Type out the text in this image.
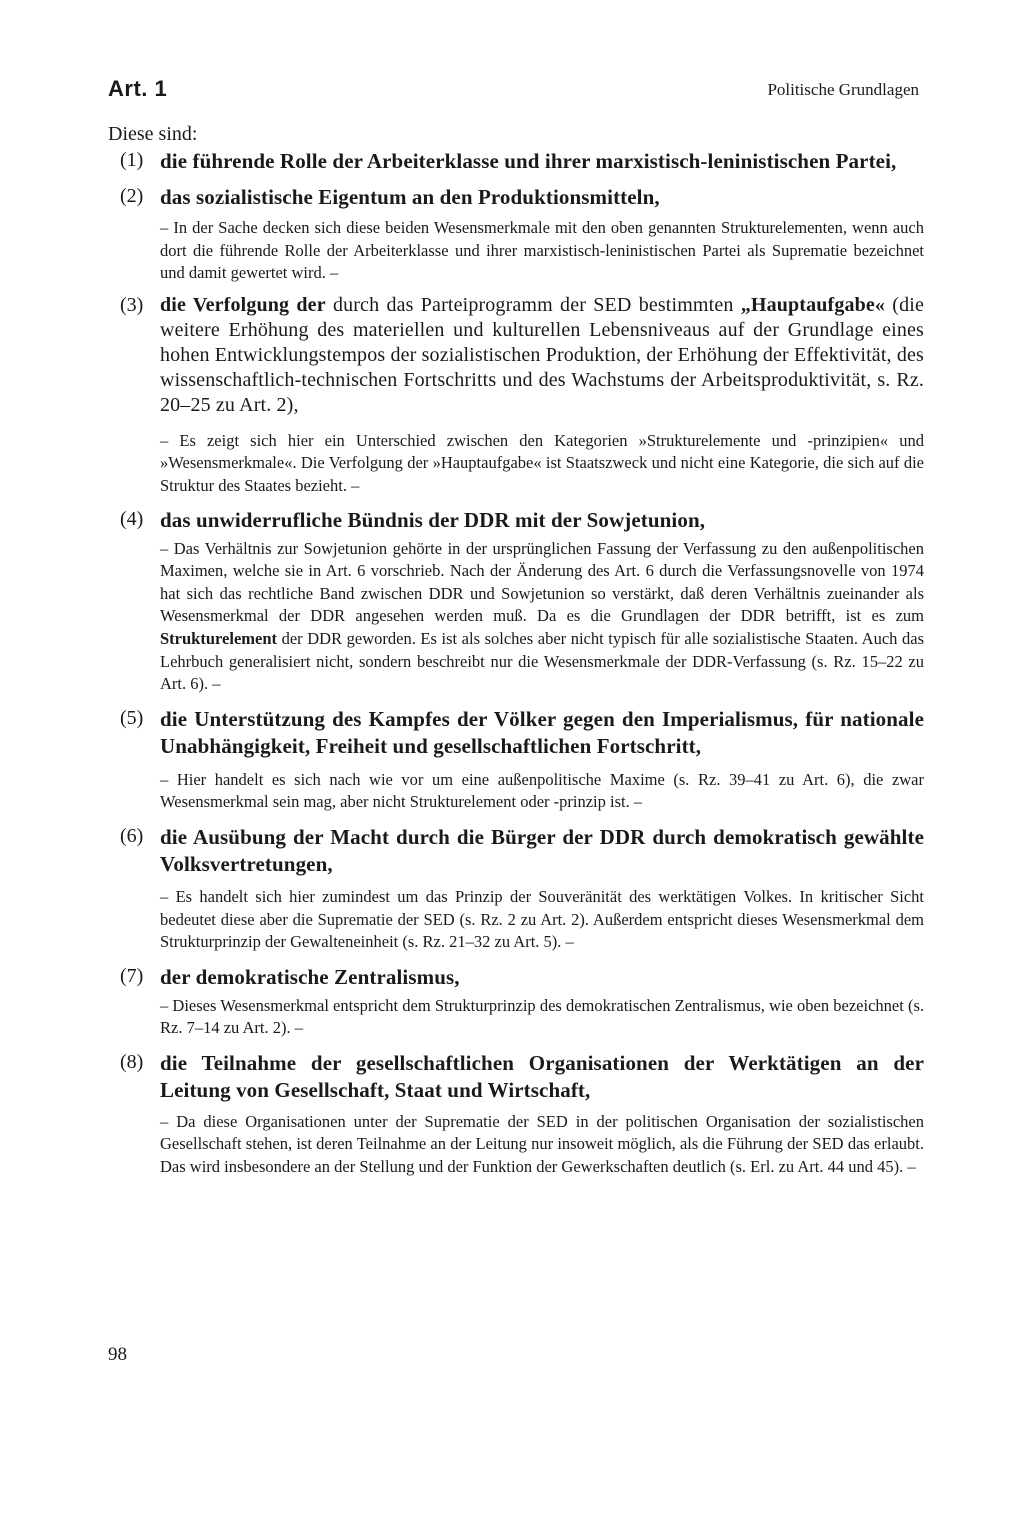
Art. 1	Politische Grundlagen

Diese sind:

(1) die führende Rolle der Arbeiterklasse und ihrer marxistisch-leninistischen Partei,

(2) das sozialistische Eigentum an den Produktionsmitteln,

– In der Sache decken sich diese beiden Wesensmerkmale mit den oben genannten Strukturelementen, wenn auch dort die führende Rolle der Arbeiterklasse und ihrer marxistisch-leninistischen Partei als Suprematie bezeichnet und damit gewertet wird. –

(3) die Verfolgung der durch das Parteiprogramm der SED bestimmten „Hauptaufgabe« (die weitere Erhöhung des materiellen und kulturellen Lebensniveaus auf der Grundlage eines hohen Entwicklungstempos der sozialistischen Produktion, der Erhöhung der Effektivität, des wissenschaftlich-technischen Fortschritts und des Wachstums der Arbeitsproduktivität, s. Rz. 20–25 zu Art. 2),

– Es zeigt sich hier ein Unterschied zwischen den Kategorien »Strukturelemente und -prinzipien« und »Wesensmerkmale«. Die Verfolgung der »Hauptaufgabe« ist Staatszweck und nicht eine Kategorie, die sich auf die Struktur des Staates bezieht. –

(4) das unwiderrufliche Bündnis der DDR mit der Sowjetunion,

– Das Verhältnis zur Sowjetunion gehörte in der ursprünglichen Fassung der Verfassung zu den außenpolitischen Maximen, welche sie in Art. 6 vorschrieb. Nach der Änderung des Art. 6 durch die Verfassungsnovelle von 1974 hat sich das rechtliche Band zwischen DDR und Sowjetunion so verstärkt, daß deren Verhältnis zueinander als Wesensmerkmal der DDR angesehen werden muß. Da es die Grundlagen der DDR betrifft, ist es zum Strukturelement der DDR geworden. Es ist als solches aber nicht typisch für alle sozialistische Staaten. Auch das Lehrbuch generalisiert nicht, sondern beschreibt nur die Wesensmerkmale der DDR-Verfassung (s. Rz. 15–22 zu Art. 6). –

(5) die Unterstützung des Kampfes der Völker gegen den Imperialismus, für nationale Unabhängigkeit, Freiheit und gesellschaftlichen Fortschritt,

– Hier handelt es sich nach wie vor um eine außenpolitische Maxime (s. Rz. 39–41 zu Art. 6), die zwar Wesensmerkmal sein mag, aber nicht Strukturelement oder -prinzip ist. –

(6) die Ausübung der Macht durch die Bürger der DDR durch demokratisch gewählte Volksvertretungen,

– Es handelt sich hier zumindest um das Prinzip der Souveränität des werktätigen Volkes. In kritischer Sicht bedeutet diese aber die Suprematie der SED (s. Rz. 2 zu Art. 2). Außerdem entspricht dieses Wesensmerkmal dem Strukturprinzip der Gewalteneinheit (s. Rz. 21–32 zu Art. 5). –

(7) der demokratische Zentralismus,

– Dieses Wesensmerkmal entspricht dem Strukturprinzip des demokratischen Zentralismus, wie oben bezeichnet (s. Rz. 7–14 zu Art. 2). –

(8) die Teilnahme der gesellschaftlichen Organisationen der Werktätigen an der Leitung von Gesellschaft, Staat und Wirtschaft,

– Da diese Organisationen unter der Suprematie der SED in der politischen Organisation der sozialistischen Gesellschaft stehen, ist deren Teilnahme an der Leitung nur insoweit möglich, als die Führung der SED das erlaubt. Das wird insbesondere an der Stellung und der Funktion der Gewerkschaften deutlich (s. Erl. zu Art. 44 und 45). –

98
